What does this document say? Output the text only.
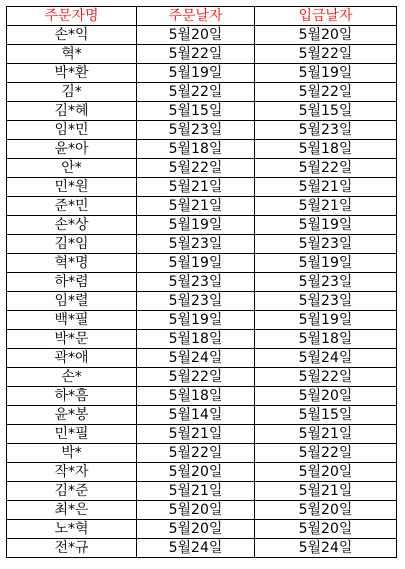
주문자명	주문날자	입금날자
손*익	5월20일	5월20일
혁*	5월22일	5월22일
박*환	5월19일	5월19일
김*	5월22일	5월22일
김*혜	5월15일	5월15일
임*민	5월23일	5월23일
윤*아	5월18일	5월18일
안*	5월22일	5월22일
민*원	5월21일	5월21일
준*민	5월21일	5월21일
손*상	5월19일	5월19일
김*임	5월23일	5월23일
혁*명	5월19일	5월19일
하*렴	5월23일	5월23일
임*렬	5월23일	5월23일
백*필	5월19일	5월19일
박*문	5월18일	5월18일
곽*애	5월24일	5월24일
손*	5월22일	5월22일
하*흠	5월18일	5월20일
윤*봉	5월14일	5월15일
민*필	5월21일	5월21일
박*	5월22일	5월22일
작*자	5월20일	5월20일
김*준	5월21일	5월21일
최*은	5월20일	5월20일
노*혁	5월20일	5월20일
전*규	5월24일	5월24일
